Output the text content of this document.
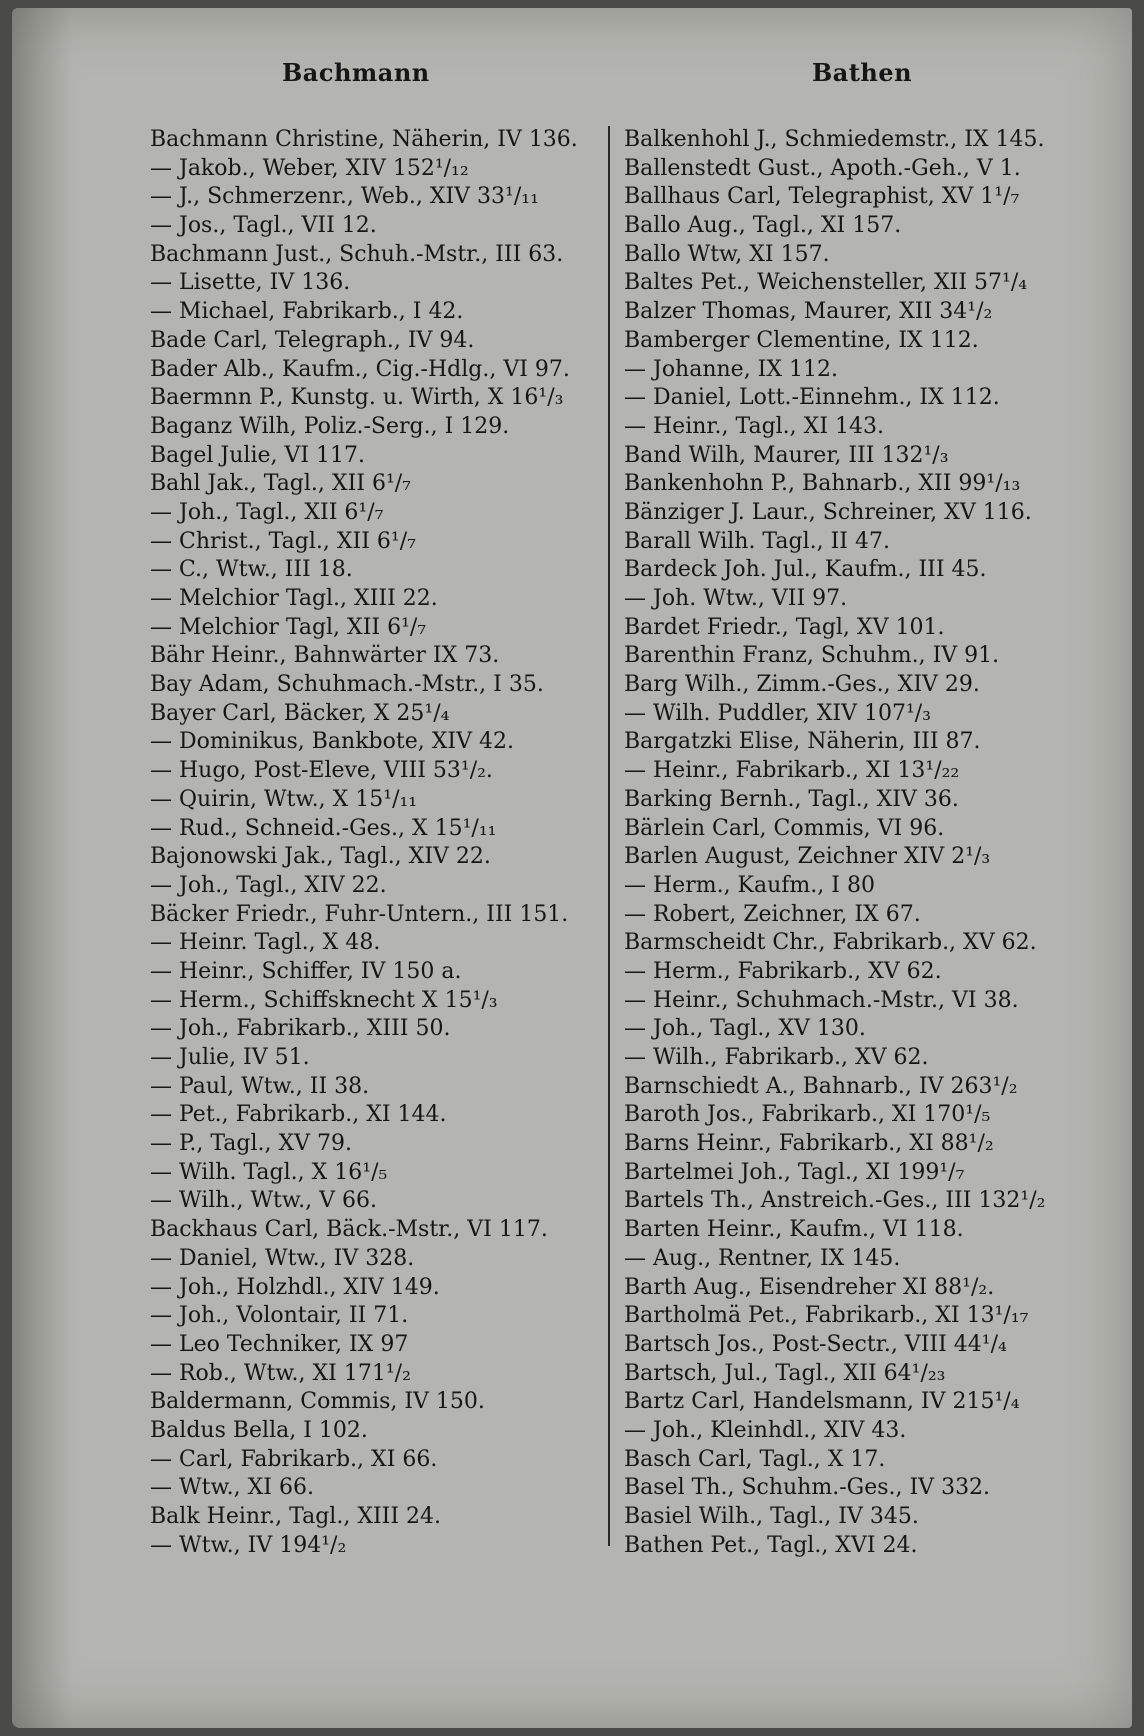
Bachmann	Bathen
Bachmann Christine, Näherin, IV 136.
— Jakob., Weber, XIV 152¹/₁₂
— J., Schmerzenr., Web., XIV 33¹/₁₁
— Jos., Tagl., VII 12.
Bachmann Just., Schuh.-Mstr., III 63.
— Lisette, IV 136.
— Michael, Fabrikarb., I 42.
Bade Carl, Telegraph., IV 94.
Bader Alb., Kaufm., Cig.-Hdlg., VI 97.
Baermnn P., Kunstg. u. Wirth, X 16¹/₃
Baganz Wilh, Poliz.-Serg., I 129.
Bagel Julie, VI 117.
Bahl Jak., Tagl., XII 6¹/₇
— Joh., Tagl., XII 6¹/₇
— Christ., Tagl., XII 6¹/₇
— C., Wtw., III 18.
— Melchior Tagl., XIII 22.
— Melchior Tagl, XII 6¹/₇
Bähr Heinr., Bahnwärter IX 73.
Bay Adam, Schuhmach.-Mstr., I 35.
Bayer Carl, Bäcker, X 25¹/₄
— Dominikus, Bankbote, XIV 42.
— Hugo, Post-Eleve, VIII 53¹/₂.
— Quirin, Wtw., X 15¹/₁₁
— Rud., Schneid.-Ges., X 15¹/₁₁
Bajonowski Jak., Tagl., XIV 22.
— Joh., Tagl., XIV 22.
Bäcker Friedr., Fuhr-Untern., III 151.
— Heinr. Tagl., X 48.
— Heinr., Schiffer, IV 150 a.
— Herm., Schiffsknecht X 15¹/₃
— Joh., Fabrikarb., XIII 50.
— Julie, IV 51.
— Paul, Wtw., II 38.
— Pet., Fabrikarb., XI 144.
— P., Tagl., XV 79.
— Wilh. Tagl., X 16¹/₅
— Wilh., Wtw., V 66.
Backhaus Carl, Bäck.-Mstr., VI 117.
— Daniel, Wtw., IV 328.
— Joh., Holzhdl., XIV 149.
— Joh., Volontair, II 71.
— Leo Techniker, IX 97
— Rob., Wtw., XI 171¹/₂
Baldermann, Commis, IV 150.
Baldus Bella, I 102.
— Carl, Fabrikarb., XI 66.
— Wtw., XI 66.
Balk Heinr., Tagl., XIII 24.
— Wtw., IV 194¹/₂
Balkenhohl J., Schmiedemstr., IX 145.
Ballenstedt Gust., Apoth.-Geh., V 1.
Ballhaus Carl, Telegraphist, XV 1¹/₇
Ballo Aug., Tagl., XI 157.
Ballo Wtw, XI 157.
Baltes Pet., Weichensteller, XII 57¹/₄
Balzer Thomas, Maurer, XII 34¹/₂
Bamberger Clementine, IX 112.
— Johanne, IX 112.
— Daniel, Lott.-Einnehm., IX 112.
— Heinr., Tagl., XI 143.
Band Wilh, Maurer, III 132¹/₃
Bankenhohn P., Bahnarb., XII 99¹/₁₃
Bänziger J. Laur., Schreiner, XV 116.
Barall Wilh. Tagl., II 47.
Bardeck Joh. Jul., Kaufm., III 45.
— Joh. Wtw., VII 97.
Bardet Friedr., Tagl, XV 101.
Barenthin Franz, Schuhm., IV 91.
Barg Wilh., Zimm.-Ges., XIV 29.
— Wilh. Puddler, XIV 107¹/₃
Bargatzki Elise, Näherin, III 87.
— Heinr., Fabrikarb., XI 13¹/₂₂
Barking Bernh., Tagl., XIV 36.
Bärlein Carl, Commis, VI 96.
Barlen August, Zeichner XIV 2¹/₃
— Herm., Kaufm., I 80
— Robert, Zeichner, IX 67.
Barmscheidt Chr., Fabrikarb., XV 62.
— Herm., Fabrikarb., XV 62.
— Heinr., Schuhmach.-Mstr., VI 38.
— Joh., Tagl., XV 130.
— Wilh., Fabrikarb., XV 62.
Barnschiedt A., Bahnarb., IV 263¹/₂
Baroth Jos., Fabrikarb., XI 170¹/₅
Barns Heinr., Fabrikarb., XI 88¹/₂
Bartelmei Joh., Tagl., XI 199¹/₇
Bartels Th., Anstreich.-Ges., III 132¹/₂
Barten Heinr., Kaufm., VI 118.
— Aug., Rentner, IX 145.
Barth Aug., Eisendreher XI 88¹/₂.
Bartholmä Pet., Fabrikarb., XI 13¹/₁₇
Bartsch Jos., Post-Sectr., VIII 44¹/₄
Bartsch, Jul., Tagl., XII 64¹/₂₃
Bartz Carl, Handelsmann, IV 215¹/₄
— Joh., Kleinhdl., XIV 43.
Basch Carl, Tagl., X 17.
Basel Th., Schuhm.-Ges., IV 332.
Basiel Wilh., Tagl., IV 345.
Bathen Pet., Tagl., XVI 24.
